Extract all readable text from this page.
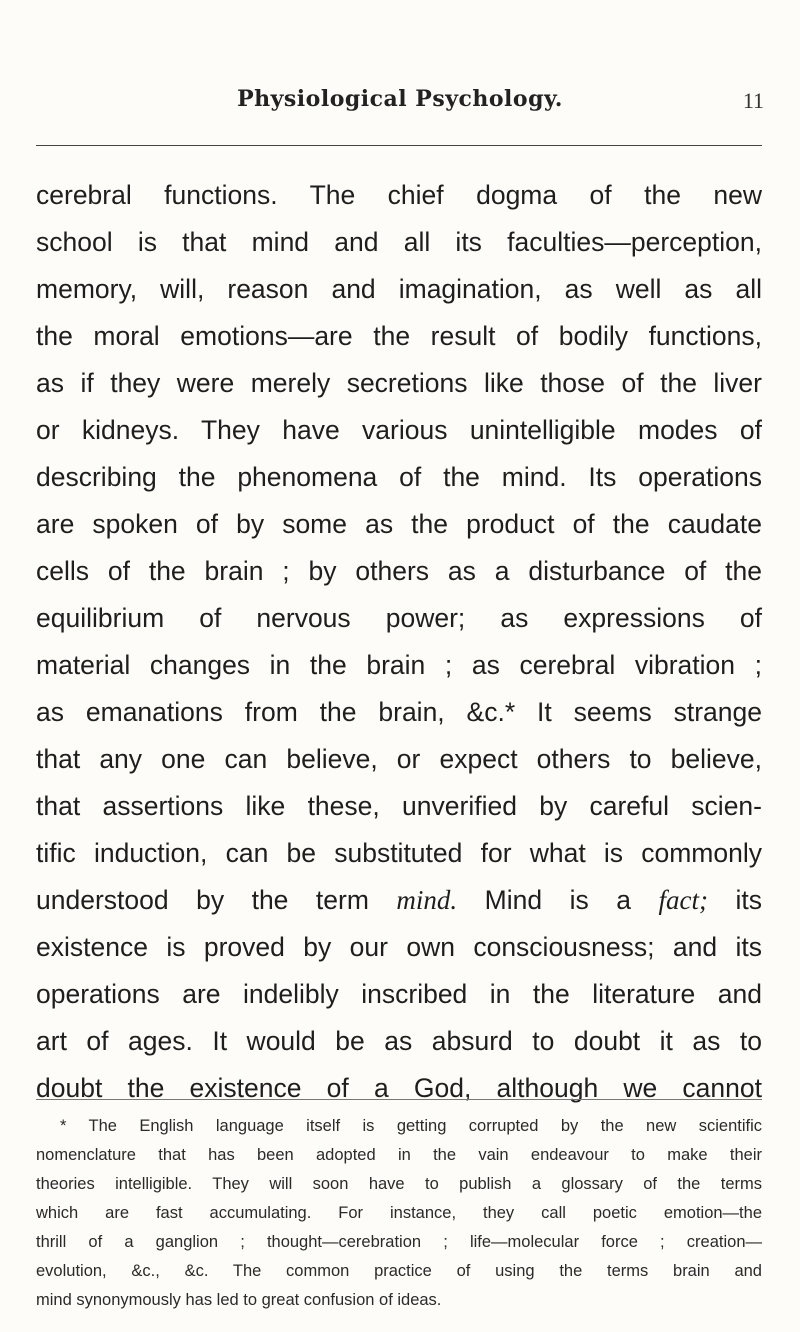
Physiological Psychology.	11
cerebral functions. The chief dogma of the new
school is that mind and all its faculties—perception,
memory, will, reason and imagination, as well as all
the moral emotions—are the result of bodily functions,
as if they were merely secretions like those of the liver
or kidneys. They have various unintelligible modes of
describing the phenomena of the mind. Its operations
are spoken of by some as the product of the caudate
cells of the brain ; by others as a disturbance of the
equilibrium of nervous power; as expressions of
material changes in the brain ; as cerebral vibration ;
as emanations from the brain, &c.* It seems strange
that any one can believe, or expect others to believe,
that assertions like these, unverified by careful scien-
tific induction, can be substituted for what is commonly
understood by the term mind. Mind is a fact; its
existence is proved by our own consciousness; and its
operations are indelibly inscribed in the literature and
art of ages. It would be as absurd to doubt it as to
doubt the existence of a God, although we cannot
* The English language itself is getting corrupted by the new scientific
nomenclature that has been adopted in the vain endeavour to make their
theories intelligible. They will soon have to publish a glossary of the terms
which are fast accumulating. For instance, they call poetic emotion—the
thrill of a ganglion ; thought—cerebration ; life—molecular force ; creation—
evolution, &c., &c. The common practice of using the terms brain and
mind synonymously has led to great confusion of ideas.
